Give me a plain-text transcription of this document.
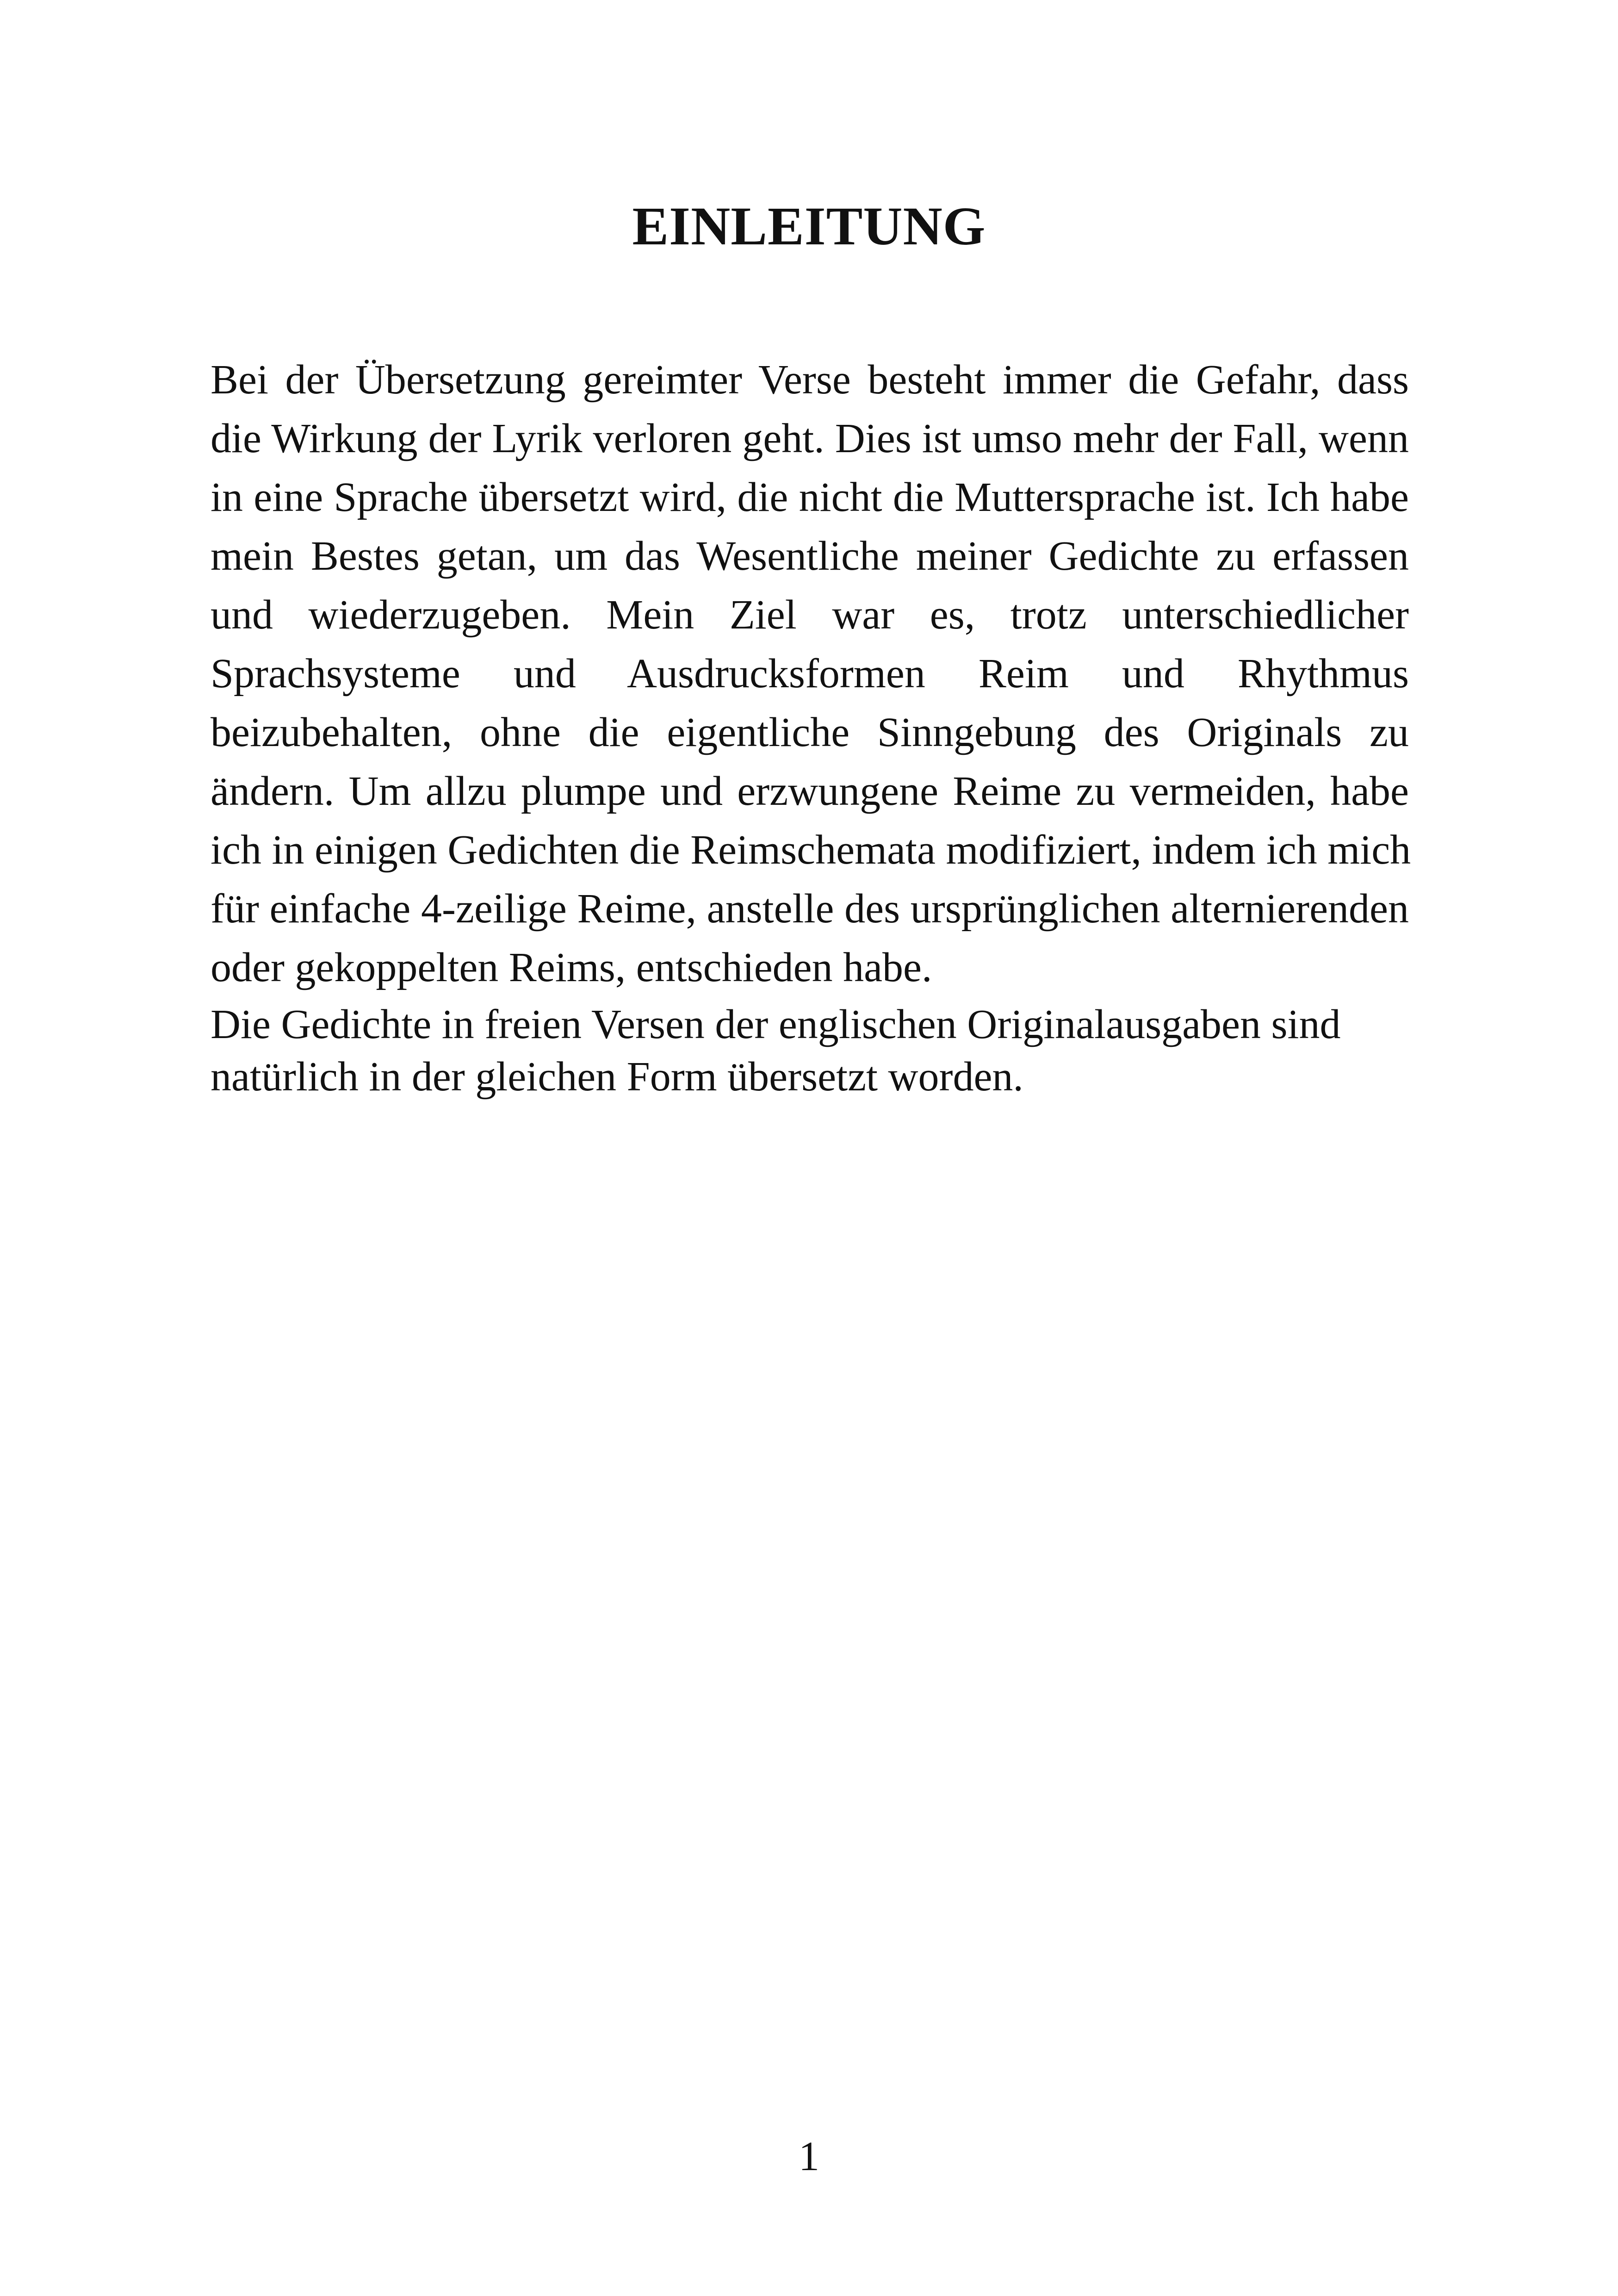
EINLEITUNG
Bei der Übersetzung gereimter Verse besteht immer die Gefahr, dass
die Wirkung der Lyrik verloren geht. Dies ist umso mehr der Fall, wenn
in eine Sprache übersetzt wird, die nicht die Muttersprache ist. Ich habe
mein Bestes getan, um das Wesentliche meiner Gedichte zu erfassen
und wiederzugeben. Mein Ziel war es, trotz unterschiedlicher
Sprachsysteme und Ausdrucksformen Reim und Rhythmus
beizubehalten, ohne die eigentliche Sinngebung des Originals zu
ändern. Um allzu plumpe und erzwungene Reime zu vermeiden, habe
ich in einigen Gedichten die Reimschemata modifiziert, indem ich mich
für einfache 4-zeilige Reime, anstelle des ursprünglichen alternierenden
oder gekoppelten Reims, entschieden habe.
Die Gedichte in freien Versen der englischen Originalausgaben sind
natürlich in der gleichen Form übersetzt worden.
1
